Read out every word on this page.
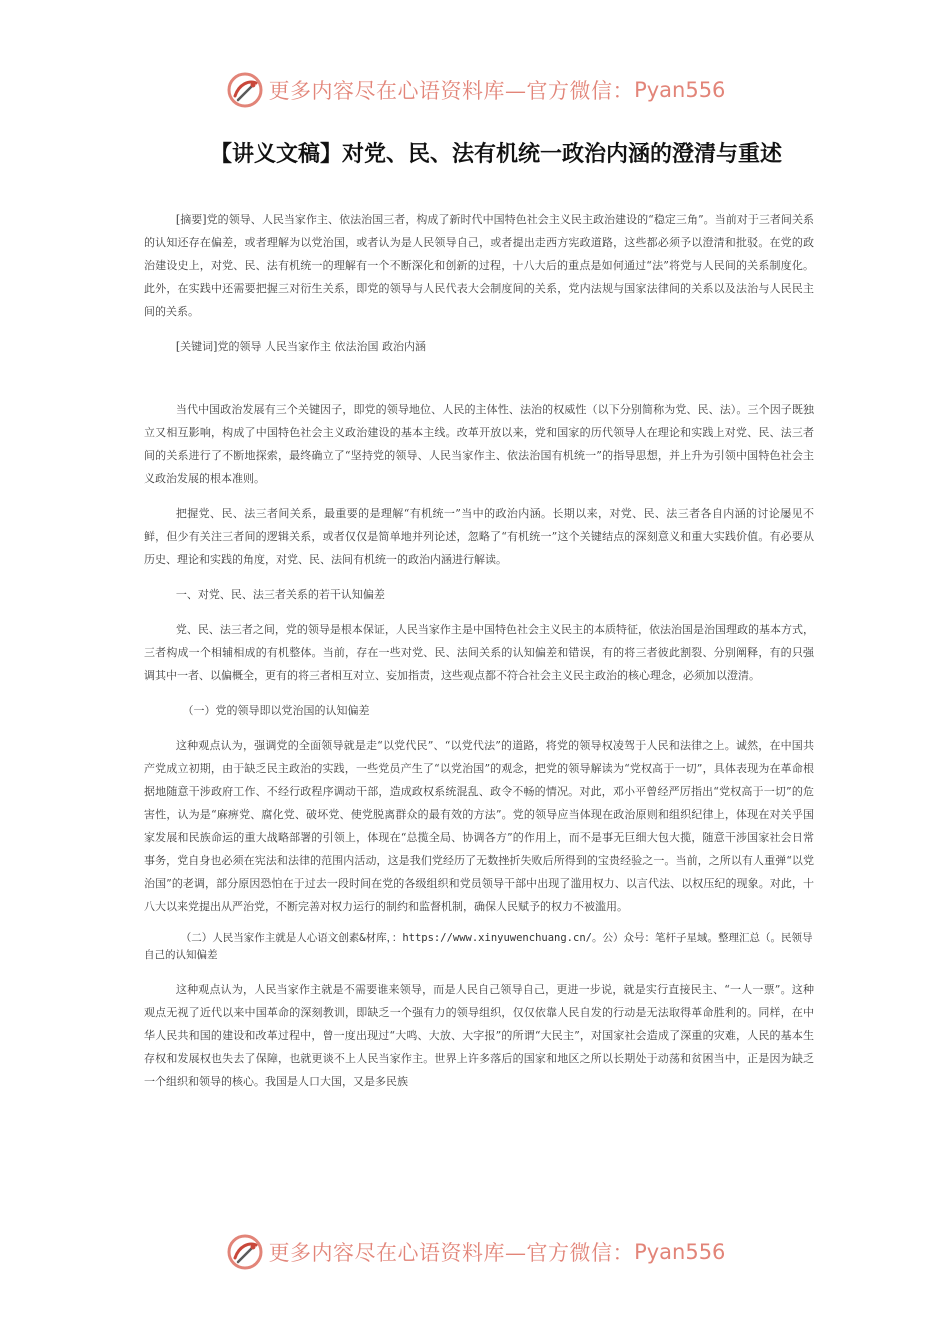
更多内容尽在心语资料库—官方微信： Pyan556
【讲义文稿】对党、民、法有机统一政治内涵的澄清与重述

[摘要]党的领导、人民当家作主、依法治国三者，构成了新时代中国特色社会主义民主政治建设的“稳定三角”。当前对于三者间关系的认知还存在偏差，或者理解为以党治国，或者认为是人民领导自己，或者提出走西方宪政道路，这些都必须予以澄清和批驳。在党的政治建设史上，对党、民、法有机统一的理解有一个不断深化和创新的过程，十八大后的重点是如何通过“法”将党与人民间的关系制度化。此外，在实践中还需要把握三对衍生关系，即党的领导与人民代表大会制度间的关系，党内法规与国家法律间的关系以及法治与人民民主间的关系。

[关键词]党的领导 人民当家作主 依法治国 政治内涵

当代中国政治发展有三个关键因子，即党的领导地位、人民的主体性、法治的权威性（以下分别简称为党、民、法）。三个因子既独立又相互影响，构成了中国特色社会主义政治建设的基本主线。改革开放以来，党和国家的历代领导人在理论和实践上对党、民、法三者间的关系进行了不断地探索，最终确立了“坚持党的领导、人民当家作主、依法治国有机统一”的指导思想，并上升为引领中国特色社会主义政治发展的根本准则。

把握党、民、法三者间关系，最重要的是理解“有机统一”当中的政治内涵。长期以来，对党、民、法三者各自内涵的讨论屡见不鲜，但少有关注三者间的逻辑关系，或者仅仅是简单地并列论述，忽略了“有机统一”这个关键结点的深刻意义和重大实践价值。有必要从历史、理论和实践的角度，对党、民、法间有机统一的政治内涵进行解读。

一、对党、民、法三者关系的若干认知偏差

党、民、法三者之间，党的领导是根本保证，人民当家作主是中国特色社会主义民主的本质特征，依法治国是治国理政的基本方式，三者构成一个相辅相成的有机整体。当前，存在一些对党、民、法间关系的认知偏差和错误，有的将三者彼此割裂、分别阐释，有的只强调其中一者、以偏概全，更有的将三者相互对立、妄加指责，这些观点都不符合社会主义民主政治的核心理念，必须加以澄清。

（一）党的领导即以党治国的认知偏差

这种观点认为，强调党的全面领导就是走“以党代民”、“以党代法”的道路，将党的领导权凌驾于人民和法律之上。诚然，在中国共产党成立初期，由于缺乏民主政治的实践，一些党员产生了“以党治国”的观念，把党的领导解读为“党权高于一切”，具体表现为在革命根据地随意干涉政府工作、不经行政程序调动干部，造成政权系统混乱、政令不畅的情况。对此，邓小平曾经严厉指出“党权高于一切”的危害性，认为是“麻痹党、腐化党、破坏党、使党脱离群众的最有效的方法”。党的领导应当体现在政治原则和组织纪律上，体现在对关乎国家发展和民族命运的重大战略部署的引领上，体现在“总揽全局、协调各方”的作用上，而不是事无巨细大包大揽，随意干涉国家社会日常事务，党自身也必须在宪法和法律的范围内活动，这是我们党经历了无数挫折失败后所得到的宝贵经验之一。当前，之所以有人重弹“以党治国”的老调，部分原因恐怕在于过去一段时间在党的各级组织和党员领导干部中出现了滥用权力、以言代法、以权压纪的现象。对此，十八大以来党提出从严治党，不断完善对权力运行的制约和监督机制，确保人民赋予的权力不被滥用。

（二）人民当家作主就是人心语文创素&材库，：https://www.xinyuwenchuang.cn/。公）众号：笔杆子星域。整理汇总（。民领导自己的认知偏差

这种观点认为，人民当家作主就是不需要谁来领导，而是人民自己领导自己，更进一步说，就是实行直接民主、“一人一票”。这种观点无视了近代以来中国革命的深刻教训，即缺乏一个强有力的领导组织，仅仅依靠人民自发的行动是无法取得革命胜利的。同样，在中华人民共和国的建设和改革过程中，曾一度出现过“大鸣、大放、大字报”的所谓“大民主”，对国家社会造成了深重的灾难，人民的基本生存权和发展权也失去了保障，也就更谈不上人民当家作主。世界上许多落后的国家和地区之所以长期处于动荡和贫困当中，正是因为缺乏一个组织和领导的核心。我国是人口大国，又是多民族

更多内容尽在心语资料库—官方微信： Pyan556
